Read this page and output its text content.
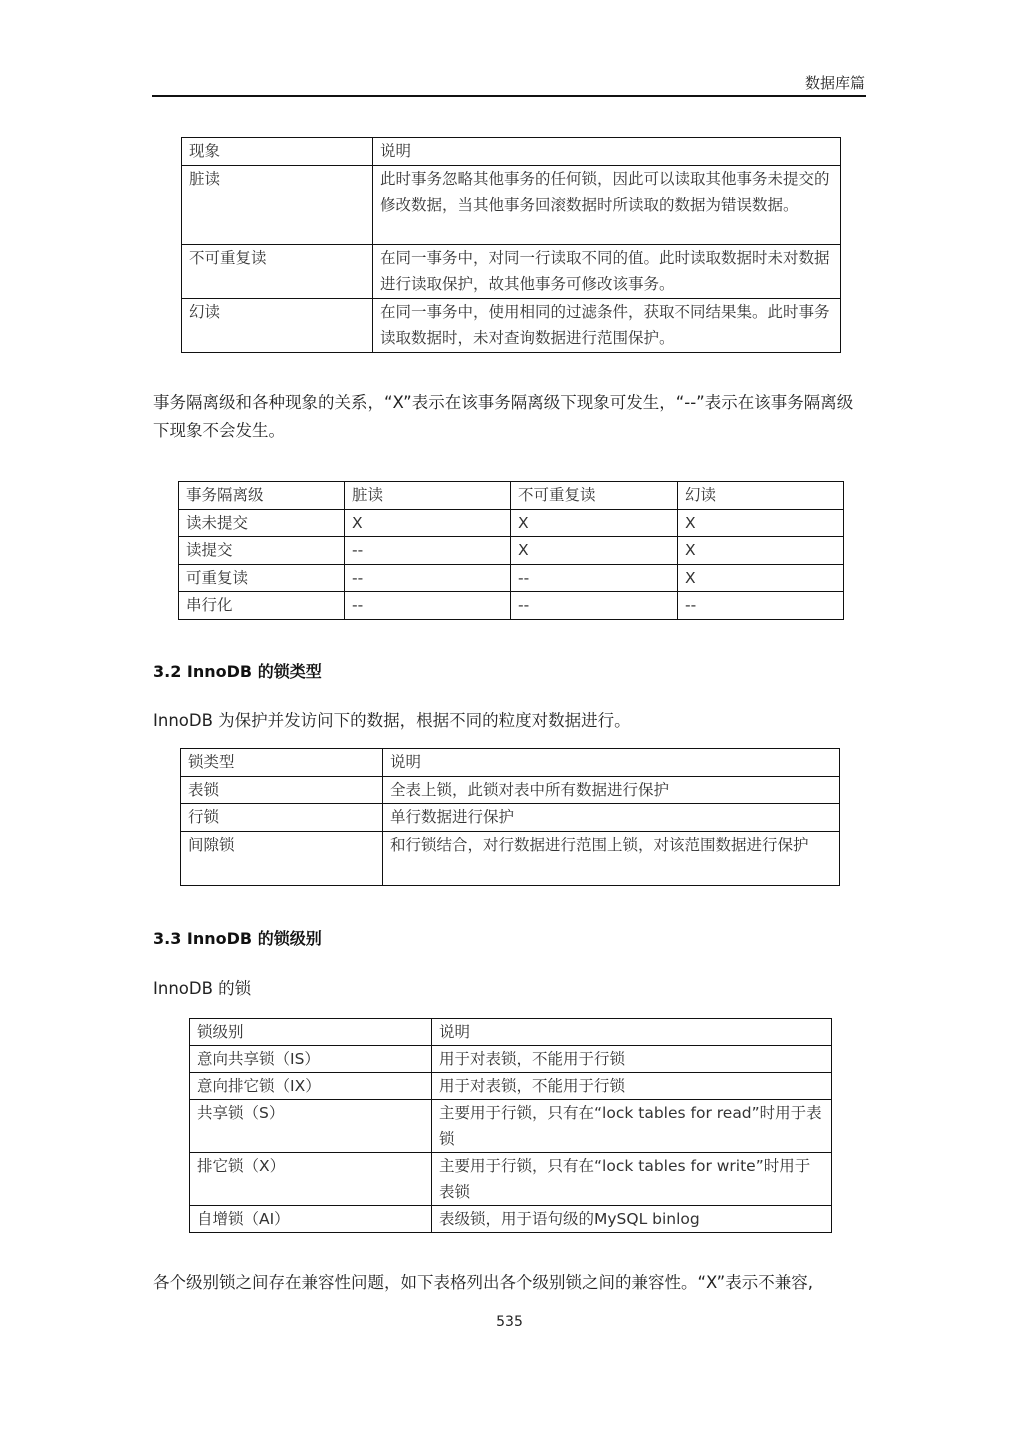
数据库篇
现象	说明
脏读	此时事务忽略其他事务的任何锁，因此可以读取其他事务未提交的修改数据，当其他事务回滚数据时所读取的数据为错误数据。
不可重复读	在同一事务中，对同一行读取不同的值。此时读取数据时未对数据进行读取保护，故其他事务可修改该事务。
幻读	在同一事务中，使用相同的过滤条件，获取不同结果集。此时事务读取数据时，未对查询数据进行范围保护。
事务隔离级和各种现象的关系，“X”表示在该事务隔离级下现象可发生，“--”表示在该事务隔离级下现象不会发生。
事务隔离级	脏读	不可重复读	幻读
读未提交	X	X	X
读提交	--	X	X
可重复读	--	--	X
串行化	--	--	--
3.2 InnoDB 的锁类型
InnoDB 为保护并发访问下的数据，根据不同的粒度对数据进行。
锁类型	说明
表锁	全表上锁，此锁对表中所有数据进行保护
行锁	单行数据进行保护
间隙锁	和行锁结合，对行数据进行范围上锁，对该范围数据进行保护
3.3 InnoDB 的锁级别
InnoDB 的锁
锁级别	说明
意向共享锁（IS）	用于对表锁，不能用于行锁
意向排它锁（IX）	用于对表锁，不能用于行锁
共享锁（S）	主要用于行锁，只有在“lock tables for read”时用于表锁
排它锁（X）	主要用于行锁，只有在“lock tables for write”时用于表锁
自增锁（AI）	表级锁，用于语句级的MySQL binlog
各个级别锁之间存在兼容性问题，如下表格列出各个级别锁之间的兼容性。“X”表示不兼容,
535
